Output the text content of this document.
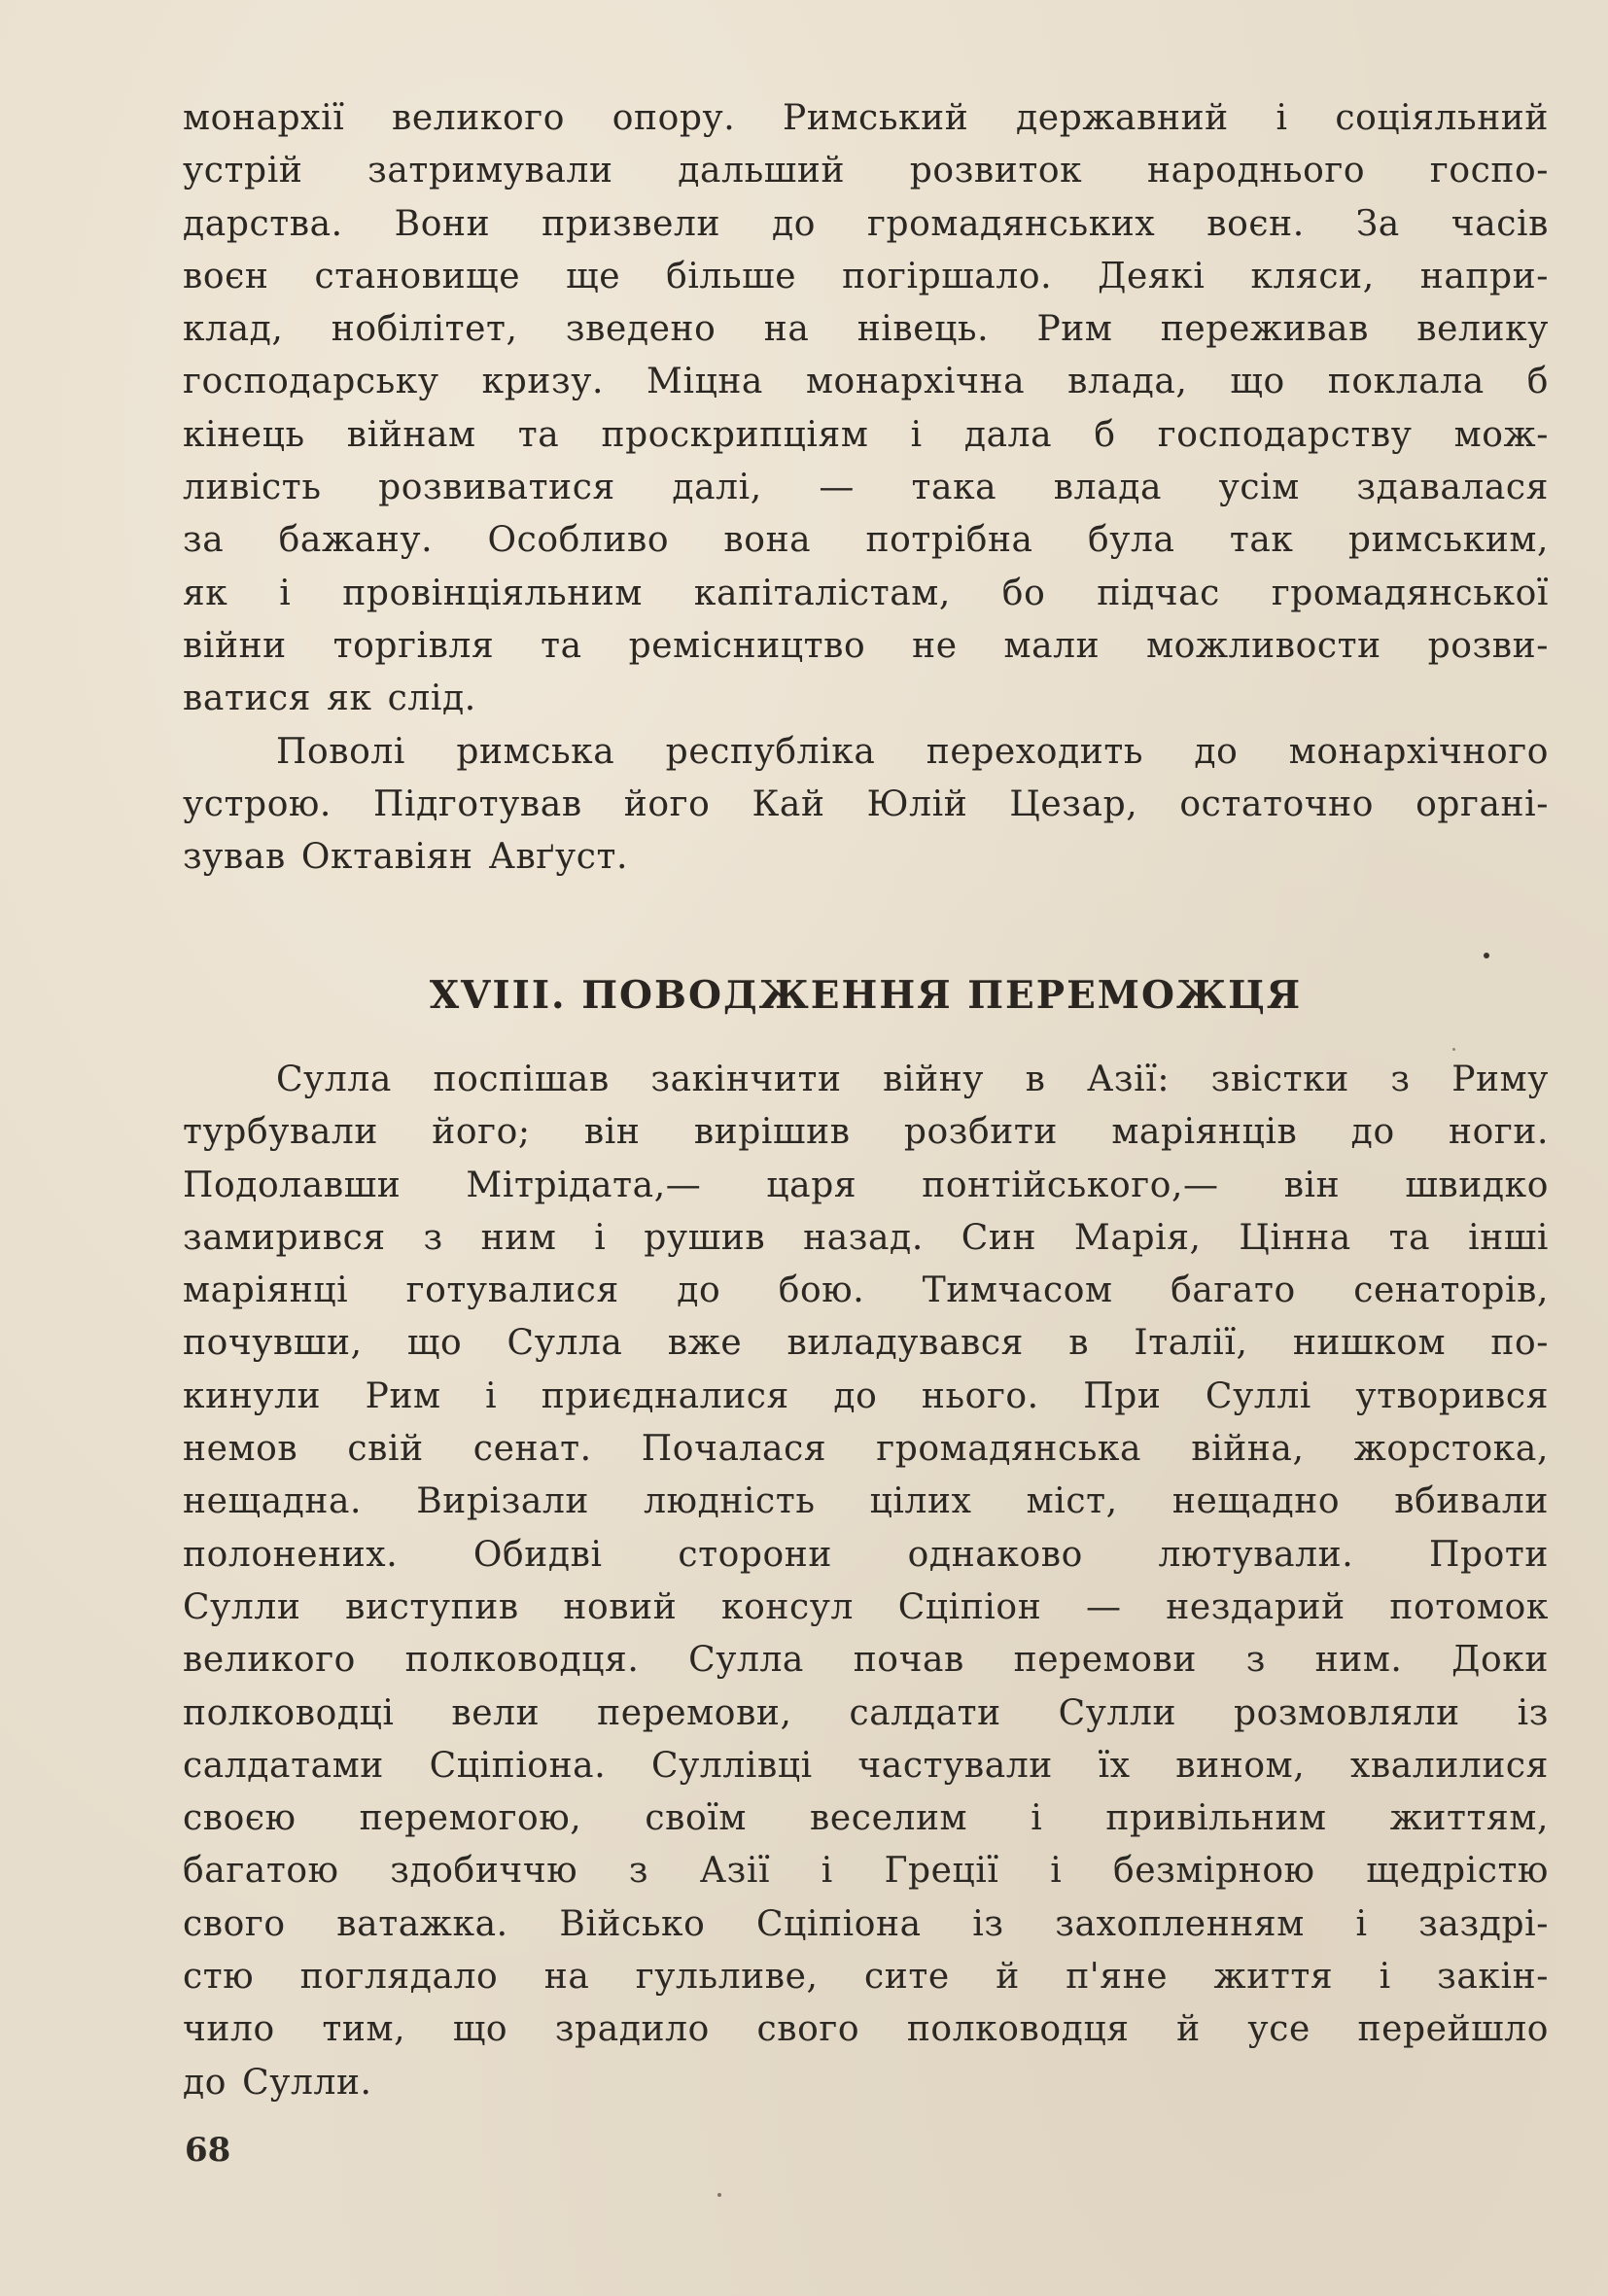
монархії великого опору. Римський державний і соціяльний
устрій затримували дальший розвиток народнього госпо-
дарства. Вони призвели до громадянських воєн. За часів
воєн становище ще більше погіршало. Деякі кляси, напри-
клад, нобілітет, зведено на нівець. Рим переживав велику
господарську кризу. Міцна монархічна влада, що поклала б
кінець війнам та проскрипціям і дала б господарству мож-
ливість розвиватися далі, — така влада усім здавалася
за бажану. Особливо вона потрібна була так римським,
як і провінціяльним капіталістам, бо підчас громадянської
війни торгівля та ремісництво не мали можливости розви-
ватися як слід.
Поволі римська республіка переходить до монархічного
устрою. Підготував його Кай Юлій Цезар, остаточно органі-
зував Октавіян Авґуст.
XVIII. ПОВОДЖЕННЯ ПЕРЕМОЖЦЯ
Сулла поспішав закінчити війну в Азії: звістки з Риму
турбували його; він вирішив розбити маріянців до ноги.
Подолавши Мітрідата,— царя понтійського,— він швидко
замирився з ним і рушив назад. Син Марія, Цінна та інші
маріянці готувалися до бою. Тимчасом багато сенаторів,
почувши, що Сулла вже виладувався в Італії, нишком по-
кинули Рим і приєдналися до нього. При Суллі утворився
немов свій сенат. Почалася громадянська війна, жорстока,
нещадна. Вирізали людність цілих міст, нещадно вбивали
полонених. Обидві сторони однаково лютували. Проти
Сулли виступив новий консул Сціпіон — нездарий потомок
великого полководця. Сулла почав перемови з ним. Доки
полководці вели перемови, салдати Сулли розмовляли із
салдатами Сціпіона. Суллівці частували їх вином, хвалилися
своєю перемогою, своїм веселим і привільним життям,
багатою здобиччю з Азії і Греції і безмірною щедрістю
свого ватажка. Військо Сціпіона із захопленням і заздрі-
стю поглядало на гульливе, сите й п'яне життя і закін-
чило тим, що зрадило свого полководця й усе перейшло
до Сулли.
68
